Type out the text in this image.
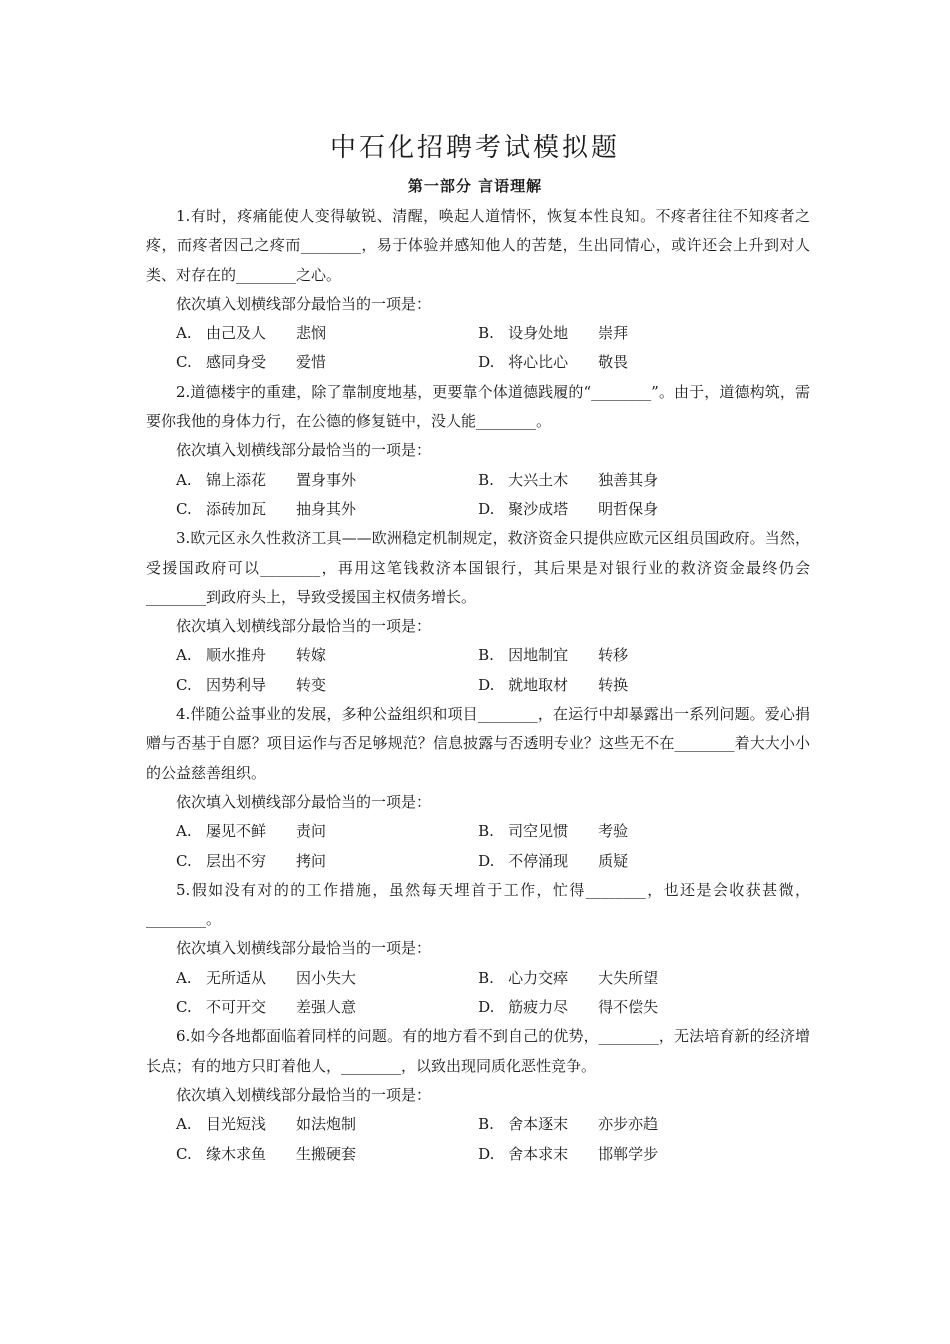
中石化招聘考试模拟题
第一部分 言语理解

1.有时，疼痛能使人变得敏锐、清醒，唤起人道情怀，恢复本性良知。不疼者往往不知疼者之疼，而疼者因己之疼而________，易于体验并感知他人的苦楚，生出同情心，或许还会上升到对人类、对存在的________之心。

依次填入划横线部分最恰当的一项是：

A. 由己及人	悲悯	B. 设身处地	崇拜
C. 感同身受	爱惜	D. 将心比心	敬畏

2.道德楼宇的重建，除了靠制度地基，更要靠个体道德践履的“________”。由于，道德构筑，需要你我他的身体力行，在公德的修复链中，没人能________。

依次填入划横线部分最恰当的一项是：

A. 锦上添花	置身事外	B. 大兴土木	独善其身
C. 添砖加瓦	抽身其外	D. 聚沙成塔	明哲保身

3.欧元区永久性救济工具——欧洲稳定机制规定，救济资金只提供应欧元区组员国政府。当然，受援国政府可以________，再用这笔钱救济本国银行，其后果是对银行业的救济资金最终仍会________到政府头上，导致受援国主权债务增长。

依次填入划横线部分最恰当的一项是：

A. 顺水推舟	转嫁	B. 因地制宜	转移
C. 因势利导	转变	D. 就地取材	转换

4.伴随公益事业的发展，多种公益组织和项目________，在运行中却暴露出一系列问题。爱心捐赠与否基于自愿？项目运作与否足够规范？信息披露与否透明专业？这些无不在________着大大小小的公益慈善组织。

依次填入划横线部分最恰当的一项是：

A. 屡见不鲜	责问	B. 司空见惯	考验
C. 层出不穷	拷问	D. 不停涌现	质疑

5.假如没有对的的工作措施，虽然每天埋首于工作，忙得________，也还是会收获甚微，________。

依次填入划横线部分最恰当的一项是：

A. 无所适从	因小失大	B. 心力交瘁	大失所望
C. 不可开交	差强人意	D. 筋疲力尽	得不偿失

6.如今各地都面临着同样的问题。有的地方看不到自己的优势，________，无法培育新的经济增长点；有的地方只盯着他人，________，以致出现同质化恶性竞争。

依次填入划横线部分最恰当的一项是：

A. 目光短浅	如法炮制	B. 舍本逐末	亦步亦趋
C. 缘木求鱼	生搬硬套	D. 舍本求末	邯郸学步
